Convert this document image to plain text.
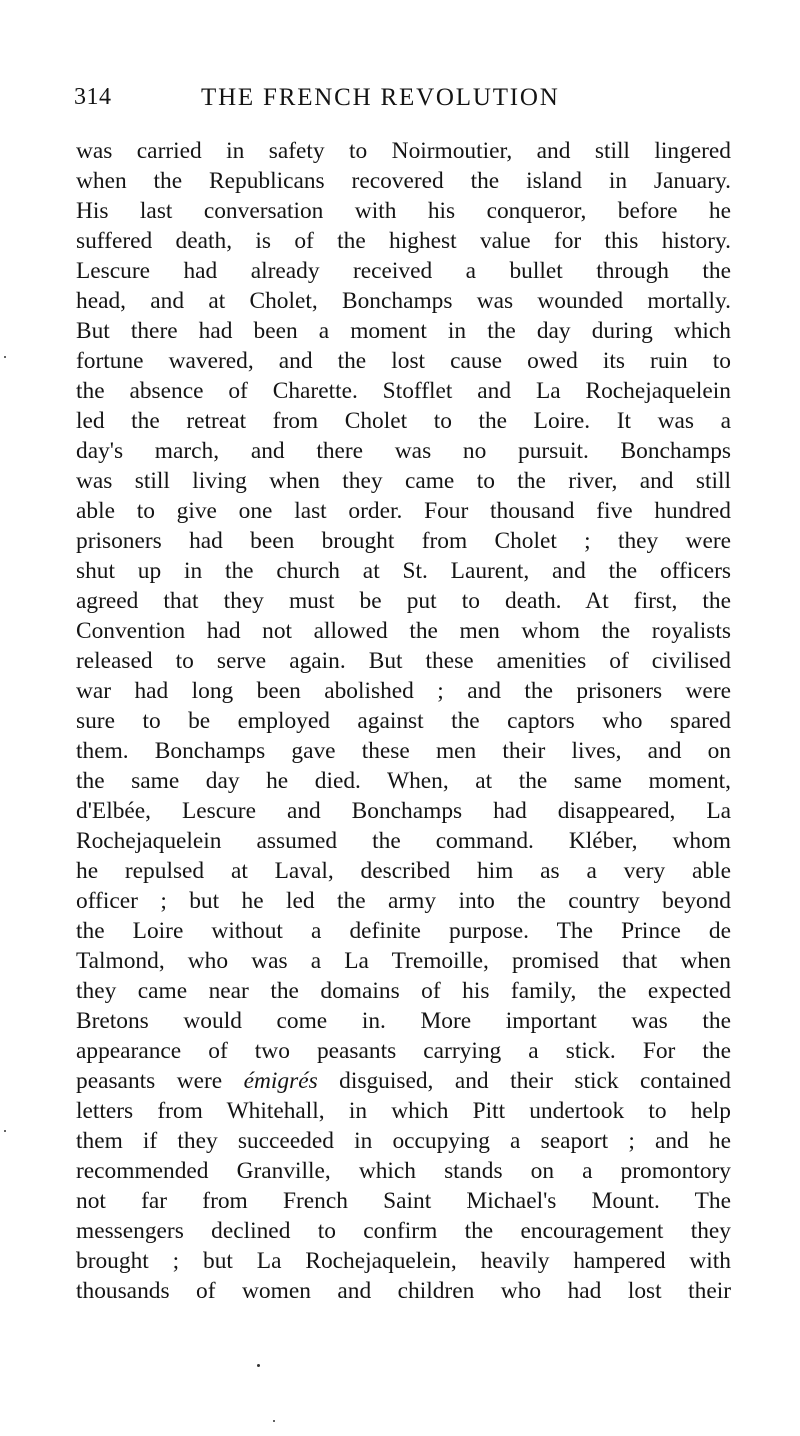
314	THE FRENCH REVOLUTION
was carried in safety to Noirmoutier, and still lingered
when the Republicans recovered the island in January.
His last conversation with his conqueror, before he
suffered death, is of the highest value for this history.
Lescure had already received a bullet through the
head, and at Cholet, Bonchamps was wounded mortally.
But there had been a moment in the day during which
fortune wavered, and the lost cause owed its ruin to
the absence of Charette. Stofflet and La Rochejaquelein
led the retreat from Cholet to the Loire. It was a
day's march, and there was no pursuit. Bonchamps
was still living when they came to the river, and still
able to give one last order. Four thousand five hundred
prisoners had been brought from Cholet ; they were
shut up in the church at St. Laurent, and the officers
agreed that they must be put to death. At first, the
Convention had not allowed the men whom the royalists
released to serve again. But these amenities of civilised
war had long been abolished ; and the prisoners were
sure to be employed against the captors who spared
them. Bonchamps gave these men their lives, and on
the same day he died. When, at the same moment,
d'Elbée, Lescure and Bonchamps had disappeared, La
Rochejaquelein assumed the command. Kléber, whom
he repulsed at Laval, described him as a very able
officer ; but he led the army into the country beyond
the Loire without a definite purpose. The Prince de
Talmond, who was a La Tremoille, promised that when
they came near the domains of his family, the expected
Bretons would come in. More important was the
appearance of two peasants carrying a stick. For the
peasants were émigrés disguised, and their stick contained
letters from Whitehall, in which Pitt undertook to help
them if they succeeded in occupying a seaport ; and he
recommended Granville, which stands on a promontory
not far from French Saint Michael's Mount. The
messengers declined to confirm the encouragement they
brought ; but La Rochejaquelein, heavily hampered with
thousands of women and children who had lost their
